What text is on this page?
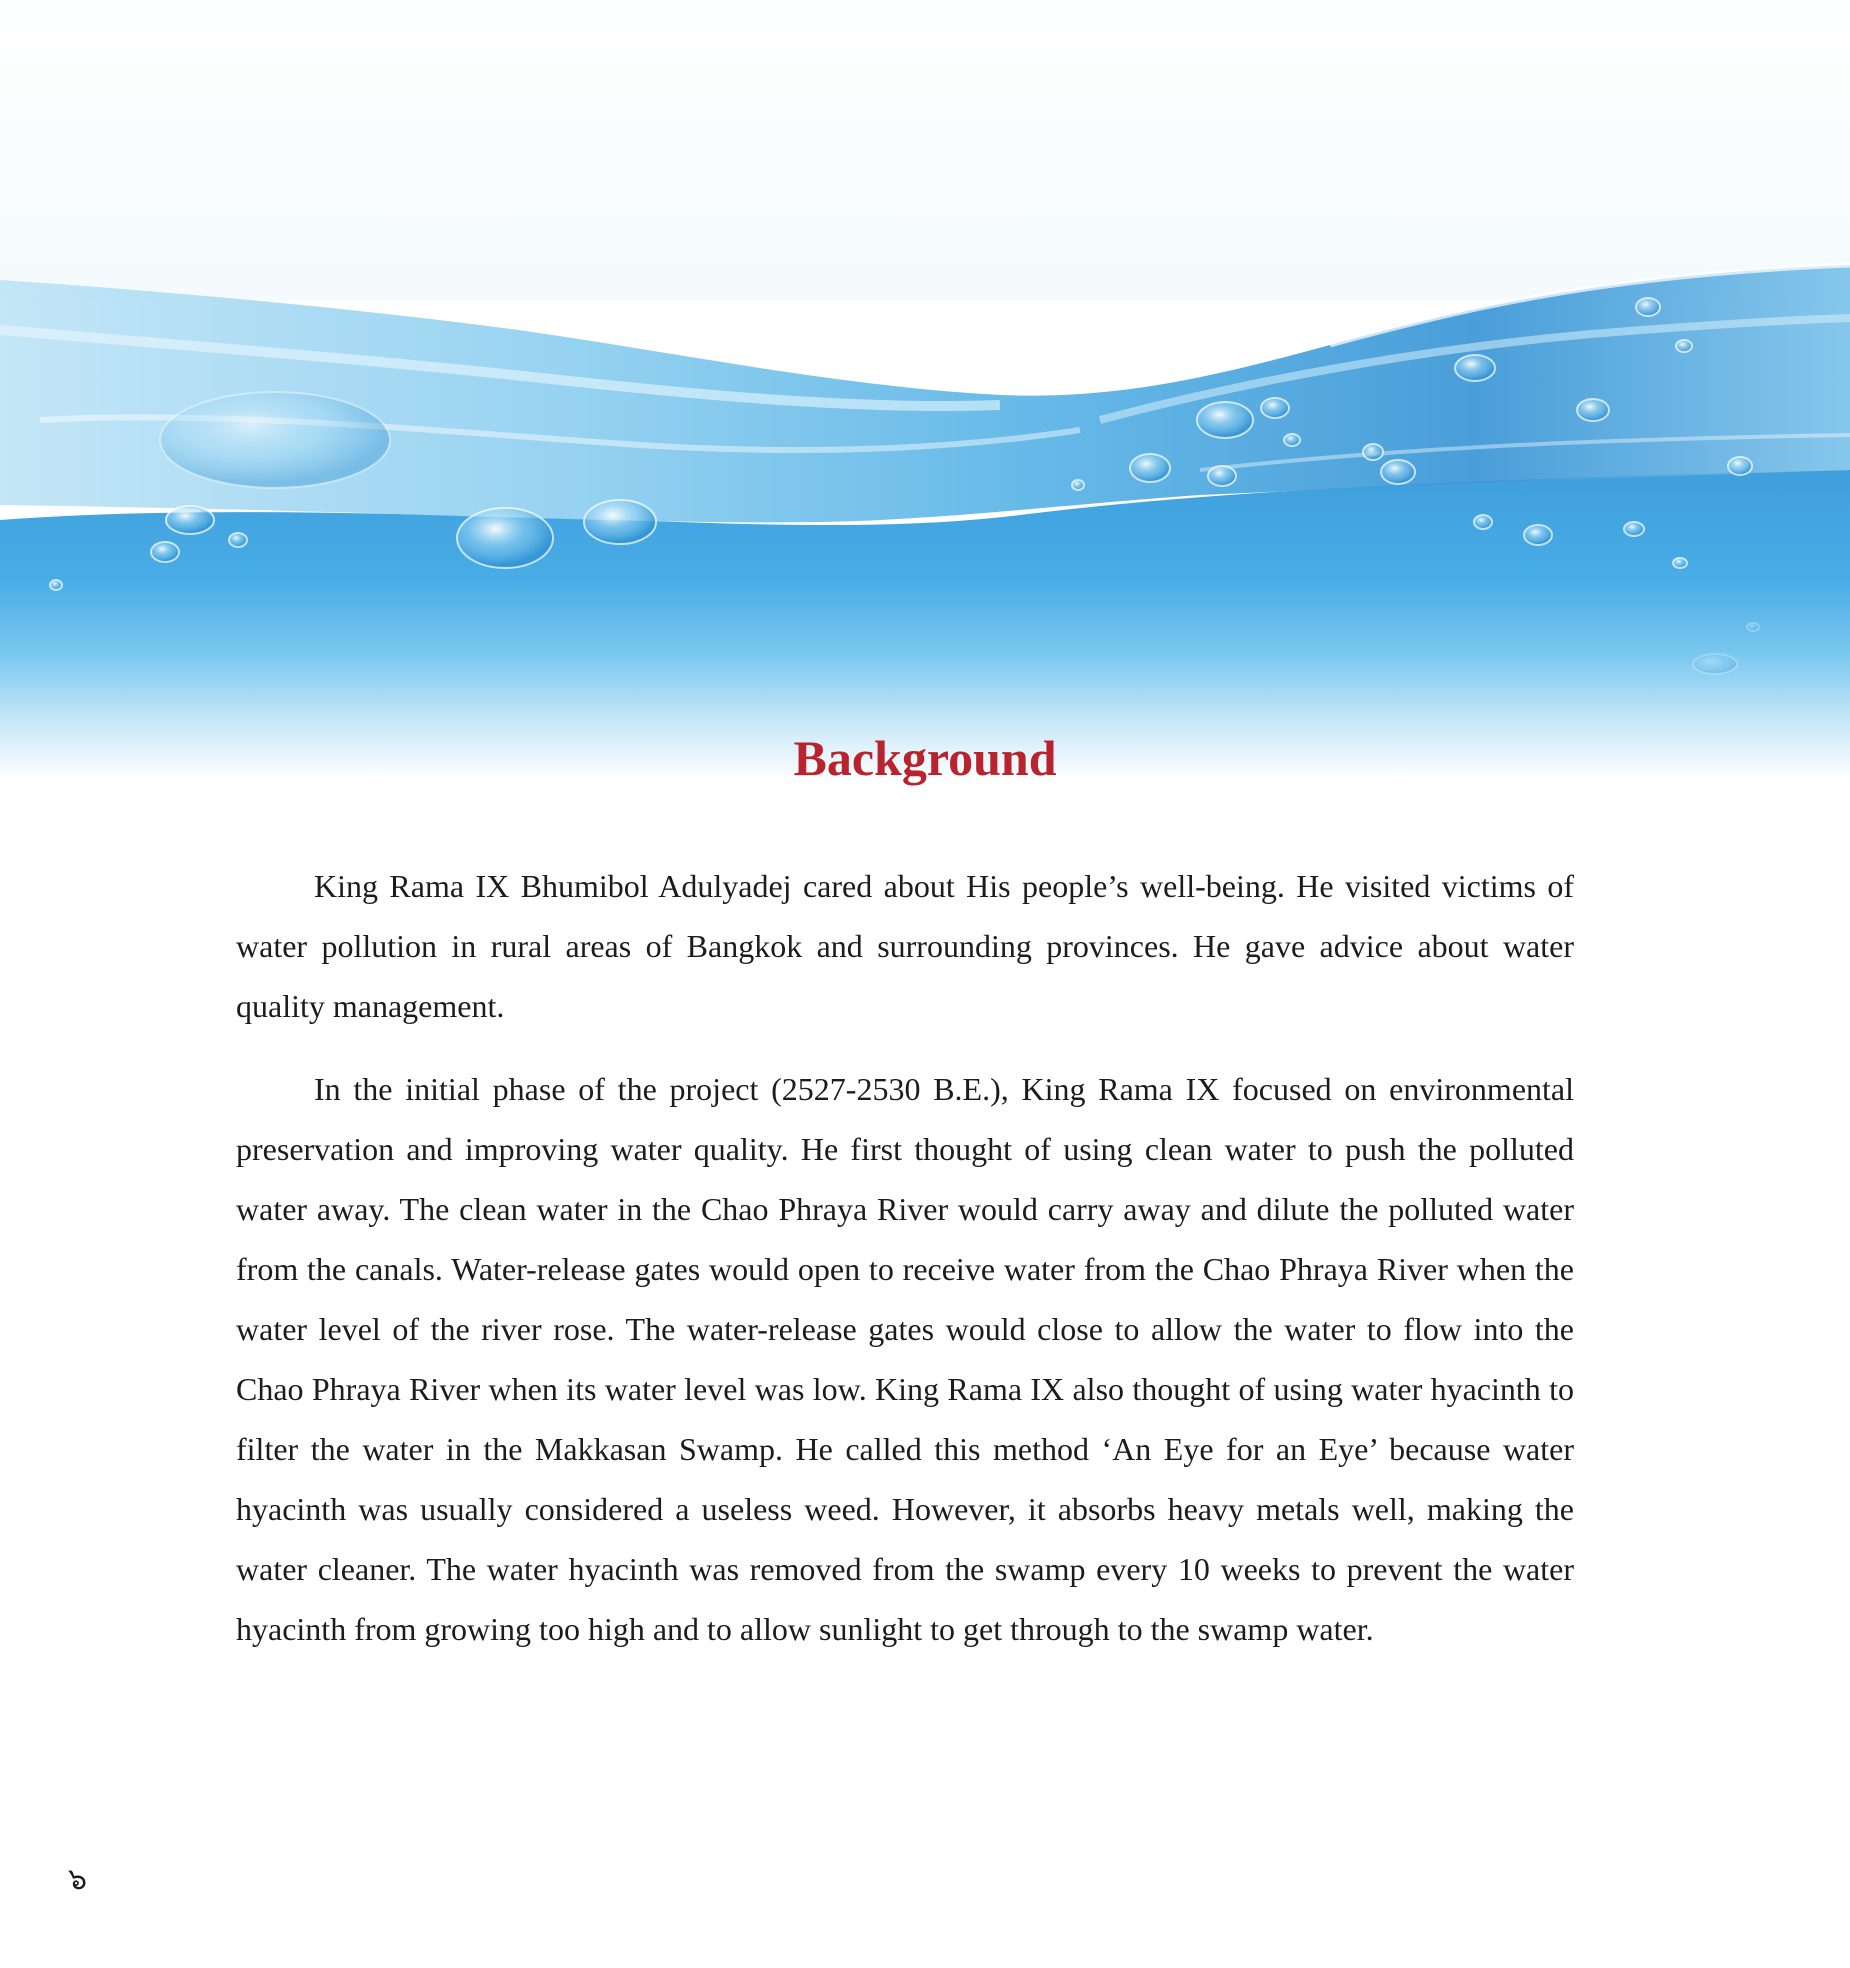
Background

King Rama IX Bhumibol Adulyadej cared about His people’s well-being. He visited victims of water pollution in rural areas of Bangkok and surrounding provinces. He gave advice about water quality management.

In the initial phase of the project (2527-2530 B.E.), King Rama IX focused on environmental preservation and improving water quality. He first thought of using clean water to push the polluted water away. The clean water in the Chao Phraya River would carry away and dilute the polluted water from the canals. Water-release gates would open to receive water from the Chao Phraya River when the water level of the river rose. The water-release gates would close to allow the water to flow into the Chao Phraya River when its water level was low. King Rama IX also thought of using water hyacinth to filter the water in the Makkasan Swamp. He called this method ‘An Eye for an Eye’ because water hyacinth was usually considered a useless weed. However, it absorbs heavy metals well, making the water cleaner. The water hyacinth was removed from the swamp every 10 weeks to prevent the water hyacinth from growing too high and to allow sunlight to get through to the swamp water.

๖
